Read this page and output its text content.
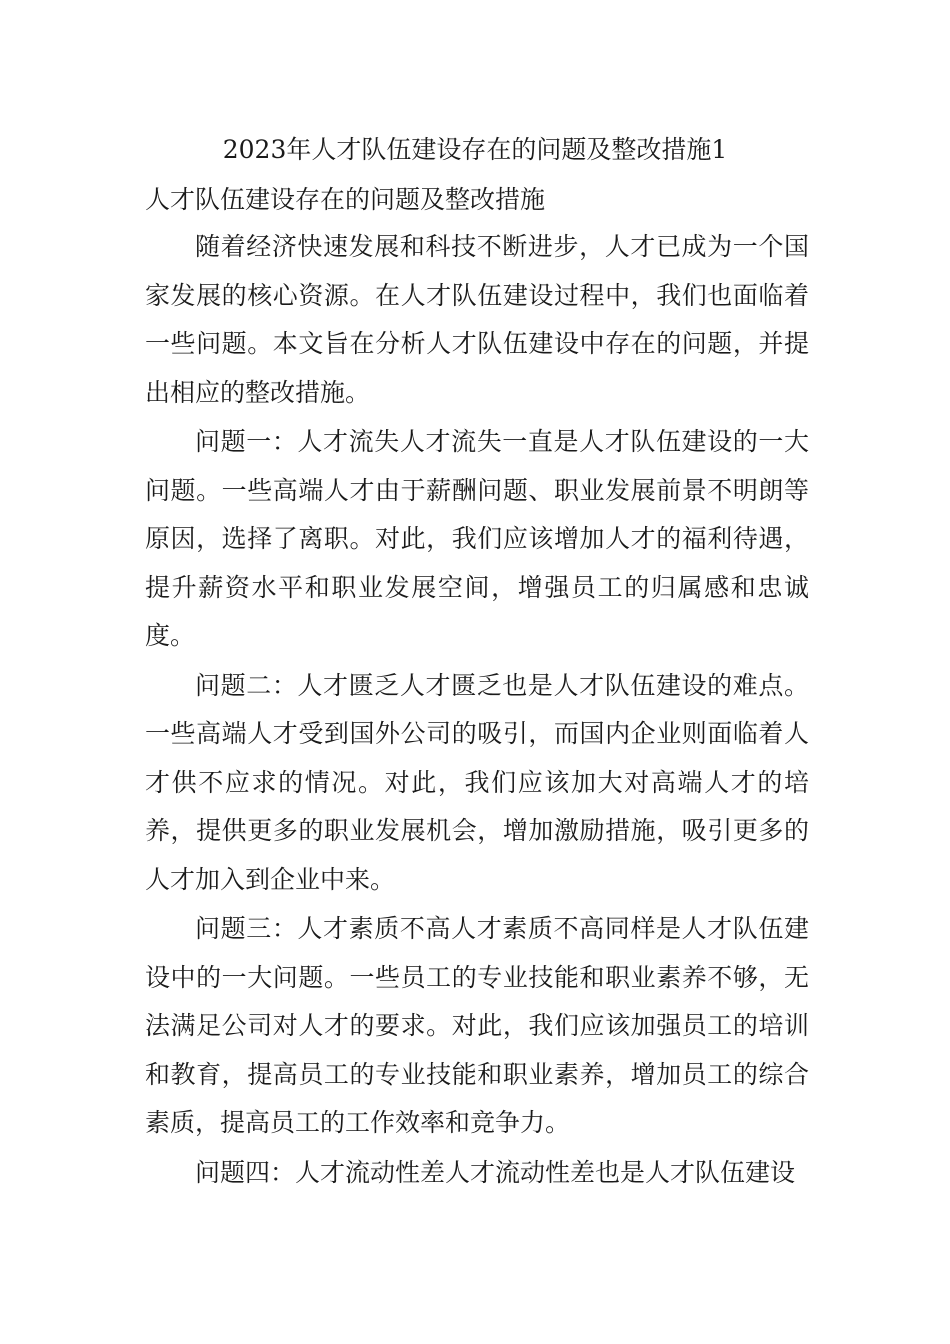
2023年人才队伍建设存在的问题及整改措施1
人才队伍建设存在的问题及整改措施

随着经济快速发展和科技不断进步，人才已成为一个国家发展的核心资源。在人才队伍建设过程中，我们也面临着一些问题。本文旨在分析人才队伍建设中存在的问题，并提出相应的整改措施。

问题一：人才流失人才流失一直是人才队伍建设的一大问题。一些高端人才由于薪酬问题、职业发展前景不明朗等原因，选择了离职。对此，我们应该增加人才的福利待遇，提升薪资水平和职业发展空间，增强员工的归属感和忠诚度。

问题二：人才匮乏人才匮乏也是人才队伍建设的难点。一些高端人才受到国外公司的吸引，而国内企业则面临着人才供不应求的情况。对此，我们应该加大对高端人才的培养，提供更多的职业发展机会，增加激励措施，吸引更多的人才加入到企业中来。

问题三：人才素质不高人才素质不高同样是人才队伍建设中的一大问题。一些员工的专业技能和职业素养不够，无法满足公司对人才的要求。对此，我们应该加强员工的培训和教育，提高员工的专业技能和职业素养，增加员工的综合素质，提高员工的工作效率和竞争力。

问题四：人才流动性差人才流动性差也是人才队伍建设
